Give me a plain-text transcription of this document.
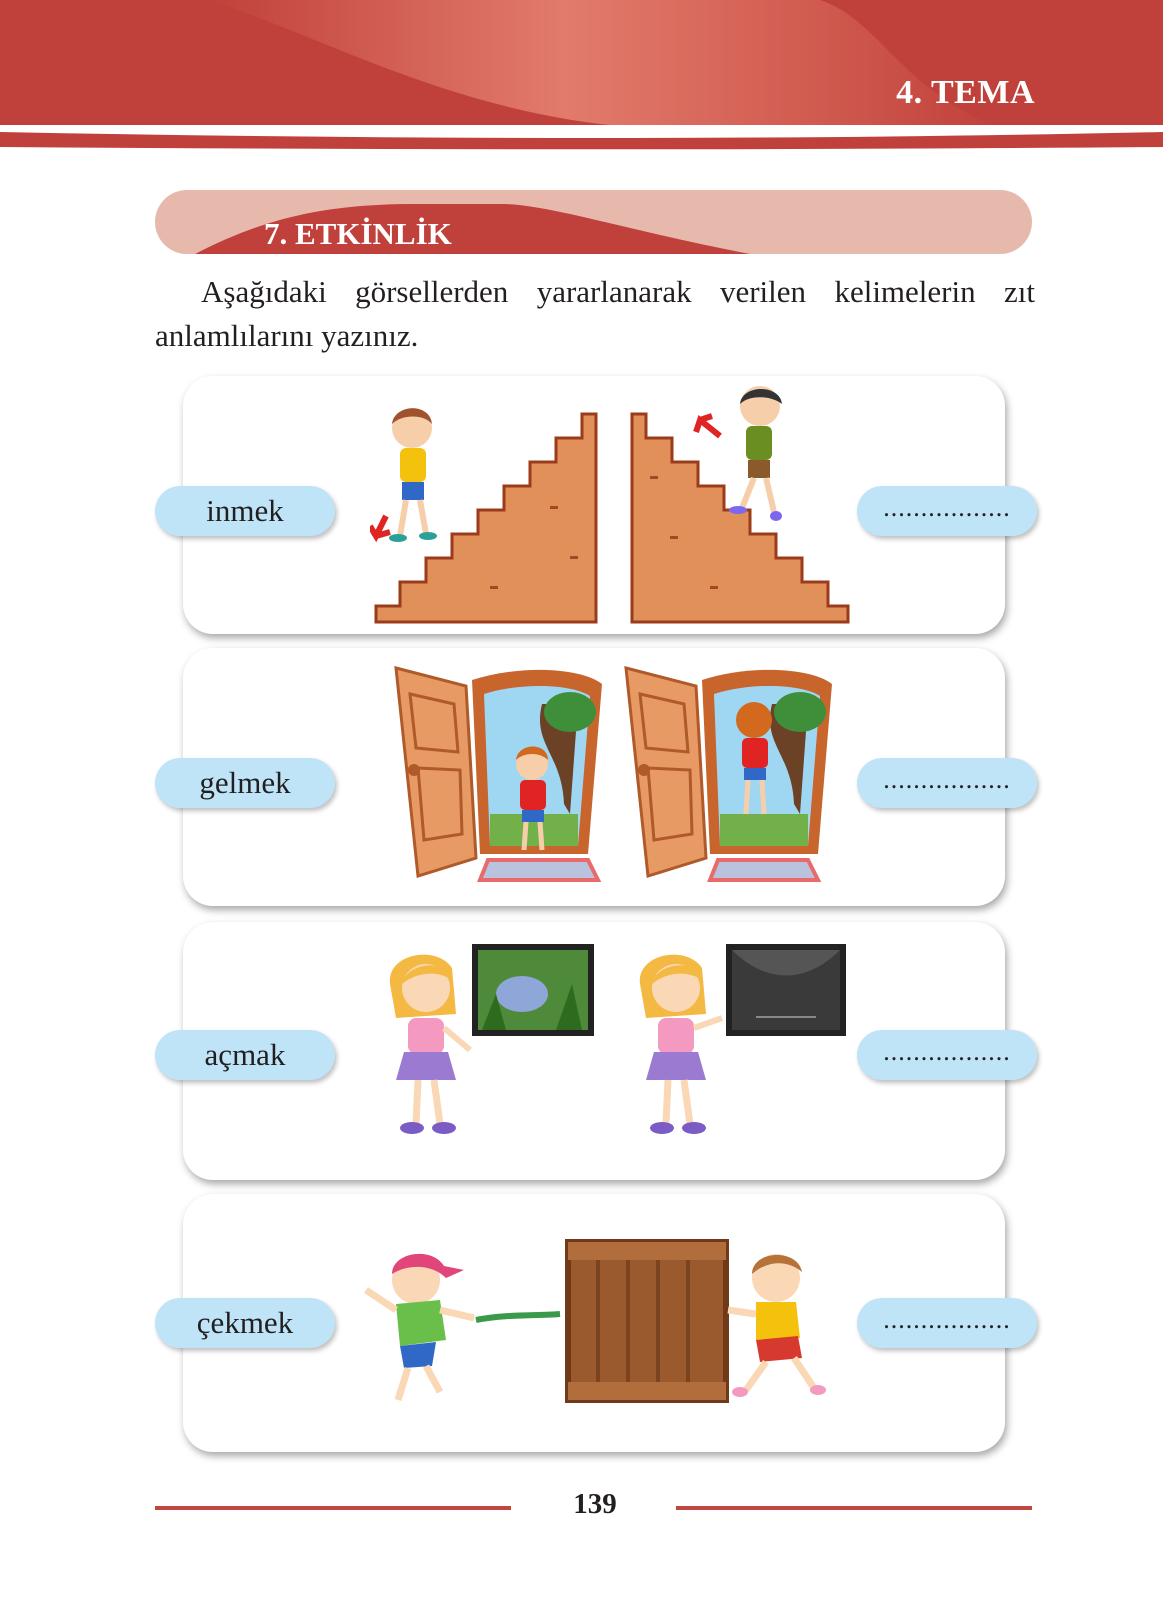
4. TEMA
7. ETKİNLİK

Aşağıdaki görsellerden yararlanarak verilen kelimelerin zıt anlamlılarını yazınız.

inmek	.................
gelmek	.................
açmak	.................
çekmek	.................
139
